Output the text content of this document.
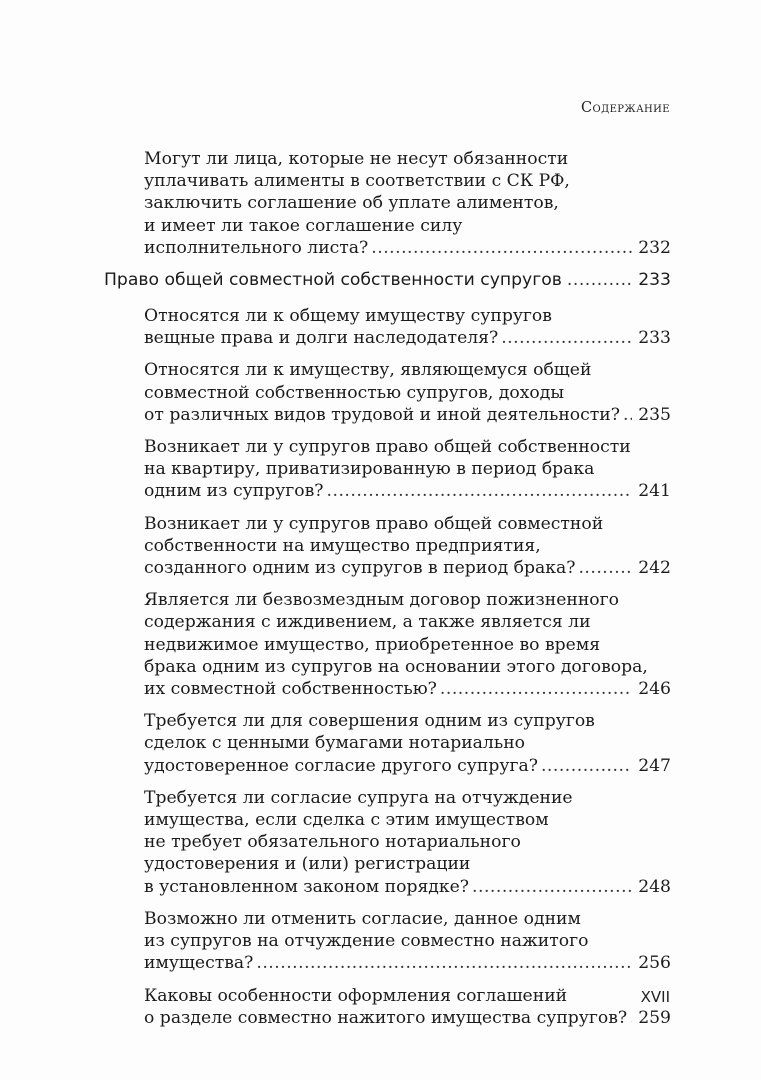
Содержание
Могут ли лица, которые не несут обязанности
уплачивать алименты в соответствии с СК РФ,
заключить соглашение об уплате алиментов,
и имеет ли такое соглашение силу
исполнительного листа? .....	232
Право общей совместной собственности супругов .....	233
Относятся ли к общему имуществу супругов
вещные права и долги наследодателя? .....	233
Относятся ли к имуществу, являющемуся общей
совместной собственностью супругов, доходы
от различных видов трудовой и иной деятельности? ..... 235
Возникает ли у супругов право общей собственности
на квартиру, приватизированную в период брака
одним из супругов? .....	241
Возникает ли у супругов право общей совместной
собственности на имущество предприятия,
созданного одним из супругов в период брака? .....	242
Является ли безвозмездным договор пожизненного
содержания с иждивением, а также является ли
недвижимое имущество, приобретенное во время
брака одним из супругов на основании этого договора,
их совместной собственностью? .....	246
Требуется ли для совершения одним из супругов
сделок с ценными бумагами нотариально
удостоверенное согласие другого супруга? .....	247
Требуется ли согласие супруга на отчуждение
имущества, если сделка с этим имуществом
не требует обязательного нотариального
удостоверения и (или) регистрации
в установленном законом порядке? .....	248
Возможно ли отменить согласие, данное одним
из супругов на отчуждение совместно нажитого
имущества? .....	256
Каковы особенности оформления соглашений
о разделе совместно нажитого имущества супругов? ..... 259
XVII
